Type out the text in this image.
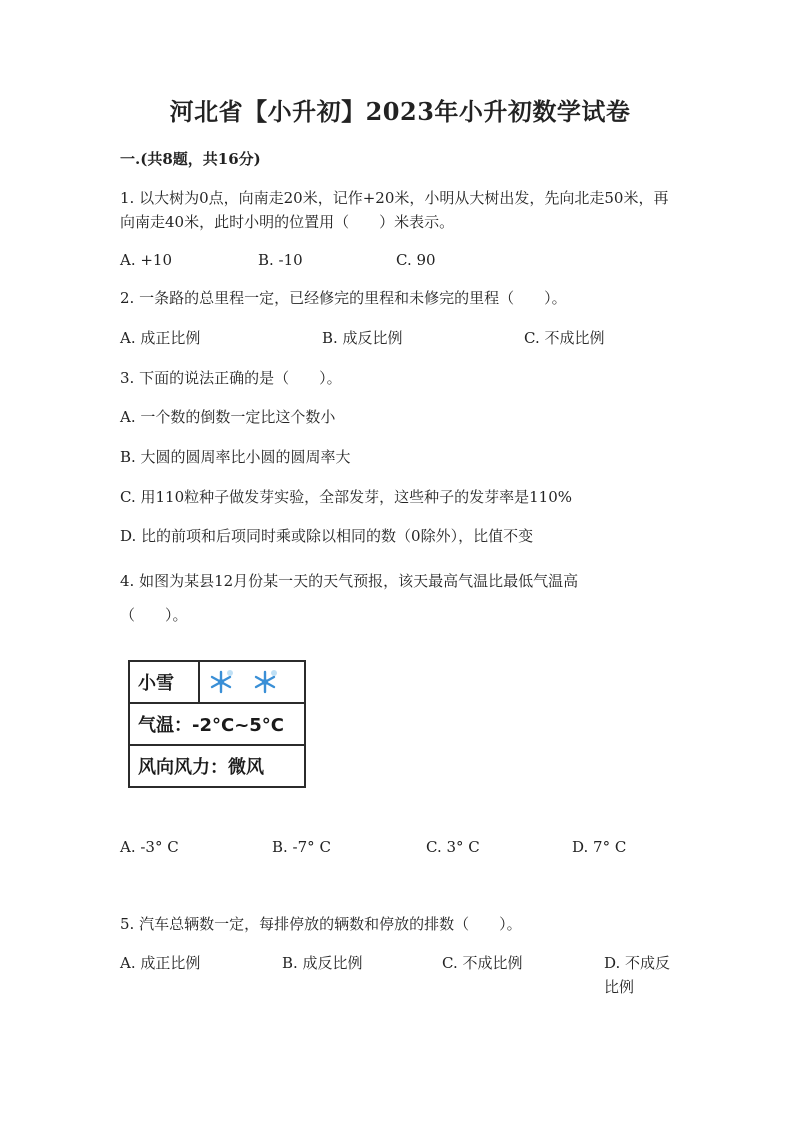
河北省【小升初】2023年小升初数学试卷
一.(共8题，共16分)
1. 以大树为0点，向南走20米，记作+20米，小明从大树出发，先向北走50米，再向南走40米，此时小明的位置用（　　）米表示。
A. +10	B. -10	C. 90
2. 一条路的总里程一定，已经修完的里程和未修完的里程（　　）。
A. 成正比例	B. 成反比例	C. 不成比例
3. 下面的说法正确的是（　　）。
A. 一个数的倒数一定比这个数小
B. 大圆的圆周率比小圆的圆周率大
C. 用110粒种子做发芽实验，全部发芽，这些种子的发芽率是110%
D. 比的前项和后项同时乘或除以相同的数（0除外），比值不变
4. 如图为某县12月份某一天的天气预报，该天最高气温比最低气温高（　　）。
小雪
气温：-2°C~5°C
风向风力：微风
A. -3° C	B. -7° C	C. 3° C	D. 7° C
5. 汽车总辆数一定，每排停放的辆数和停放的排数（　　）。
A. 成正比例	B. 成反比例	C. 不成比例	D. 不成反比例
